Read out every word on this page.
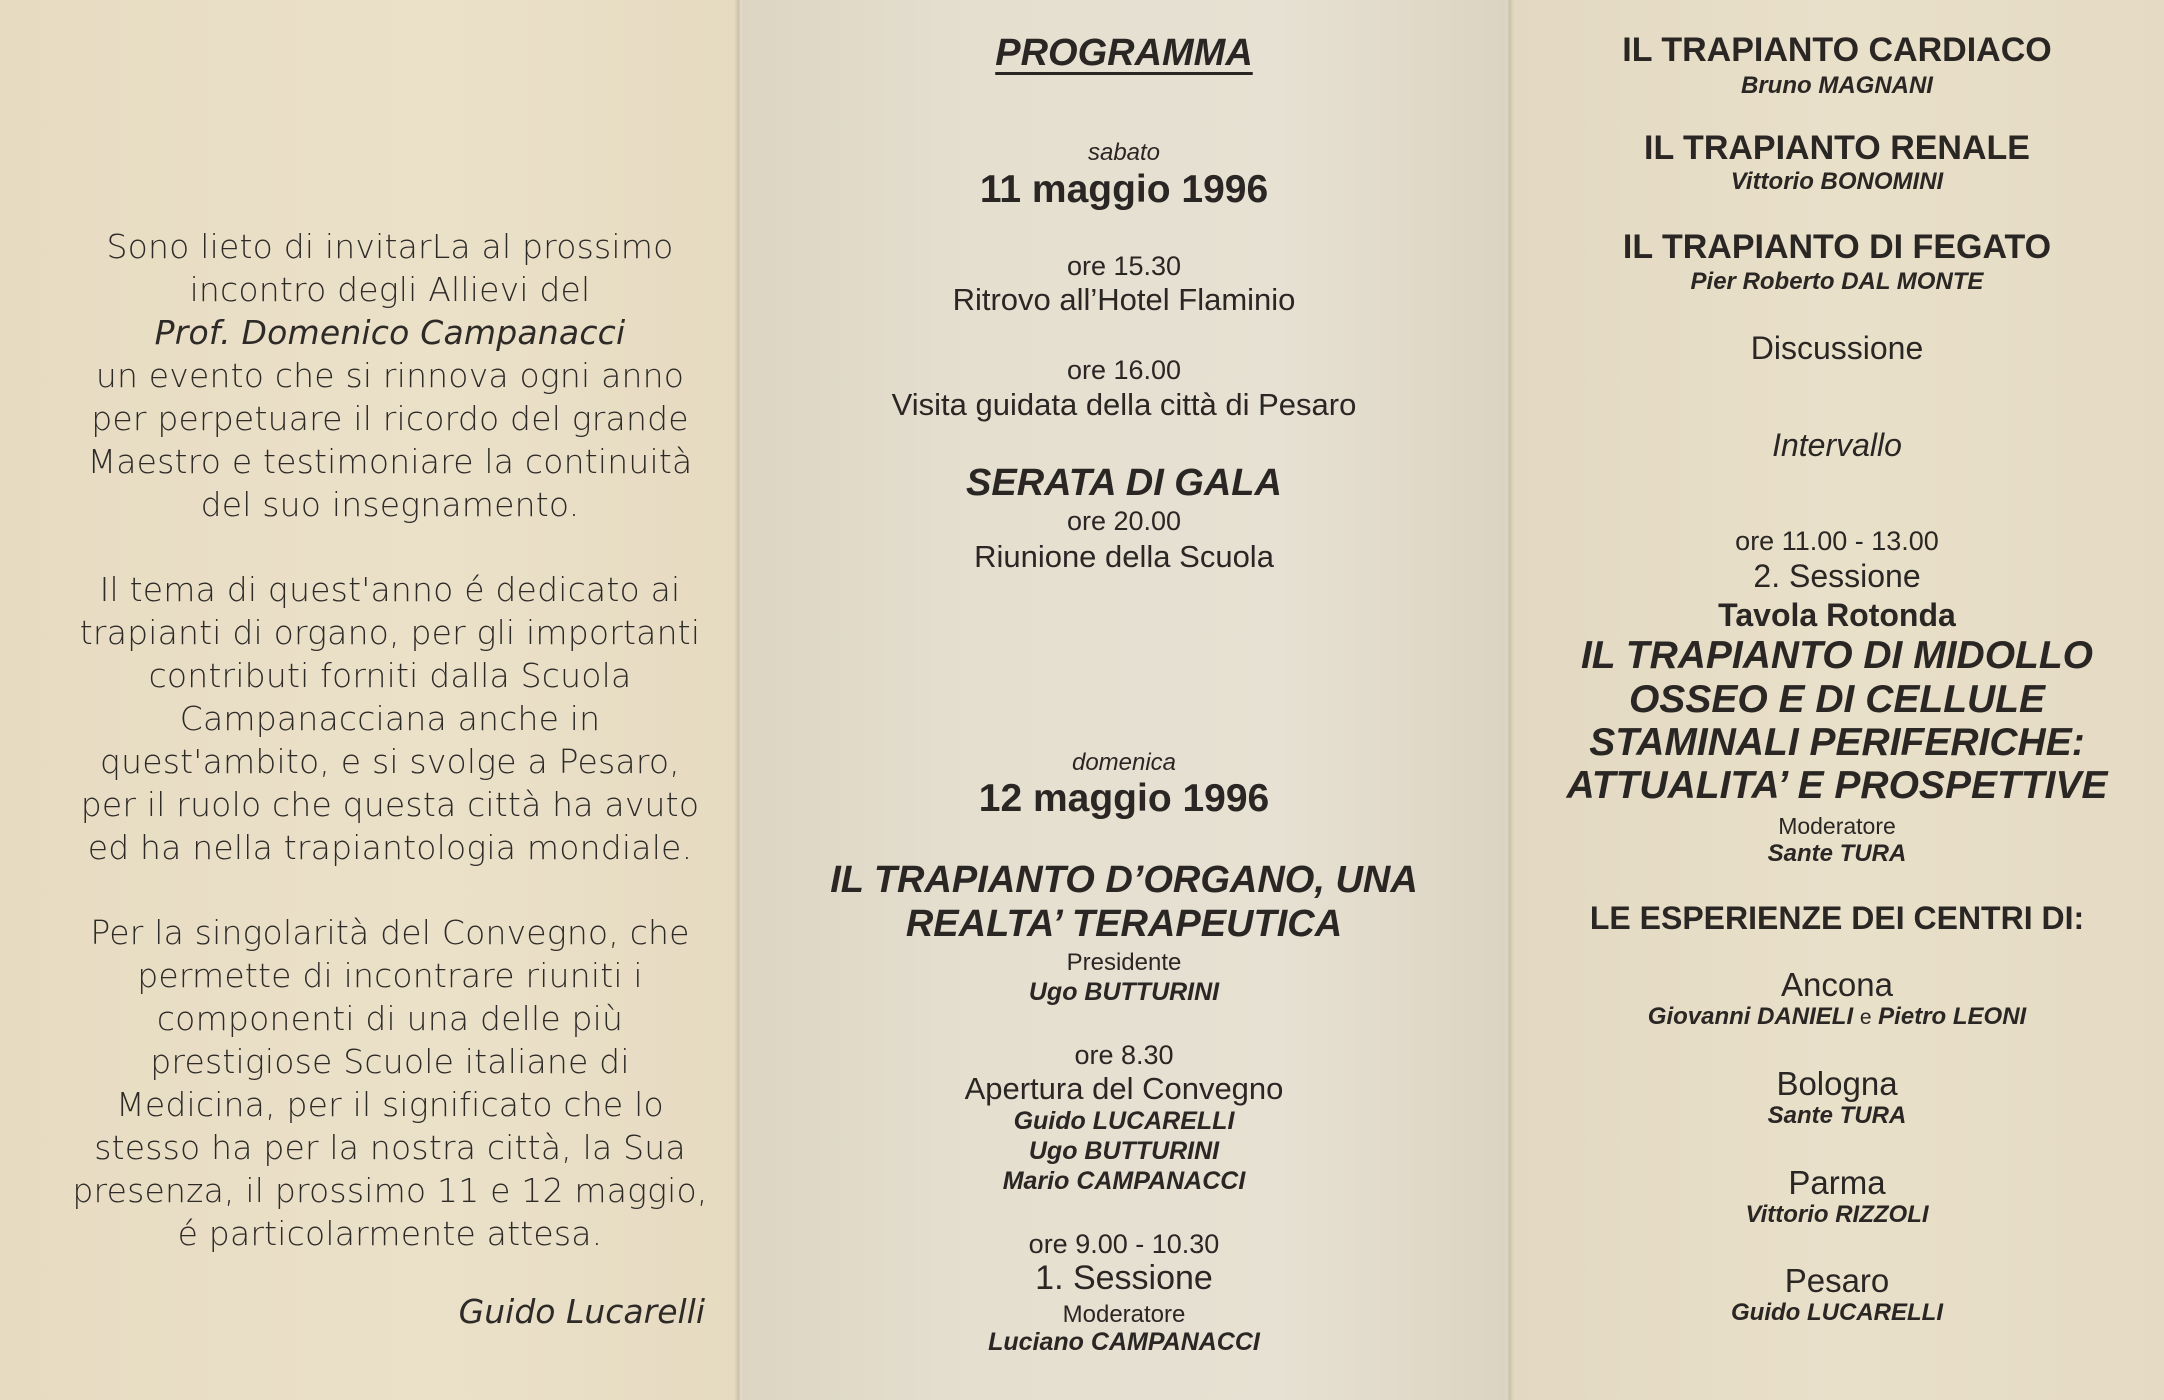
Sono lieto di invitarLa al prossimo
incontro degli Allievi del
Prof. Domenico Campanacci
un evento che si rinnova ogni anno
per perpetuare il ricordo del grande
Maestro e testimoniare la continuità
del suo insegnamento.
Il tema di quest'anno é dedicato ai
trapianti di organo, per gli importanti
contributi forniti dalla Scuola
Campanacciana anche in
quest'ambito, e si svolge a Pesaro,
per il ruolo che questa città ha avuto
ed ha nella trapiantologia mondiale.
Per la singolarità del Convegno, che
permette di incontrare riuniti i
componenti di una delle più
prestigiose Scuole italiane di
Medicina, per il significato che lo
stesso ha per la nostra città, la Sua
presenza, il prossimo 11 e 12 maggio,
é particolarmente attesa.
Guido Lucarelli
PROGRAMMA
sabato
11 maggio 1996
ore 15.30
Ritrovo all’Hotel Flaminio
ore 16.00
Visita guidata della città di Pesaro
SERATA DI GALA
ore 20.00
Riunione della Scuola
domenica
12 maggio 1996
IL TRAPIANTO D’ORGANO, UNA
REALTA’ TERAPEUTICA
Presidente
Ugo BUTTURINI
ore 8.30
Apertura del Convegno
Guido LUCARELLI
Ugo BUTTURINI
Mario CAMPANACCI
ore 9.00 - 10.30
1. Sessione
Moderatore
Luciano CAMPANACCI
IL TRAPIANTO CARDIACO
Bruno MAGNANI
IL TRAPIANTO RENALE
Vittorio BONOMINI
IL TRAPIANTO DI FEGATO
Pier Roberto DAL MONTE
Discussione
Intervallo
ore 11.00 - 13.00
2. Sessione
Tavola Rotonda
IL TRAPIANTO DI MIDOLLO
OSSEO E DI CELLULE
STAMINALI PERIFERICHE:
ATTUALITA’ E PROSPETTIVE
Moderatore
Sante TURA
LE ESPERIENZE DEI CENTRI DI:
Ancona
Giovanni DANIELI e Pietro LEONI
Bologna
Sante TURA
Parma
Vittorio RIZZOLI
Pesaro
Guido LUCARELLI
